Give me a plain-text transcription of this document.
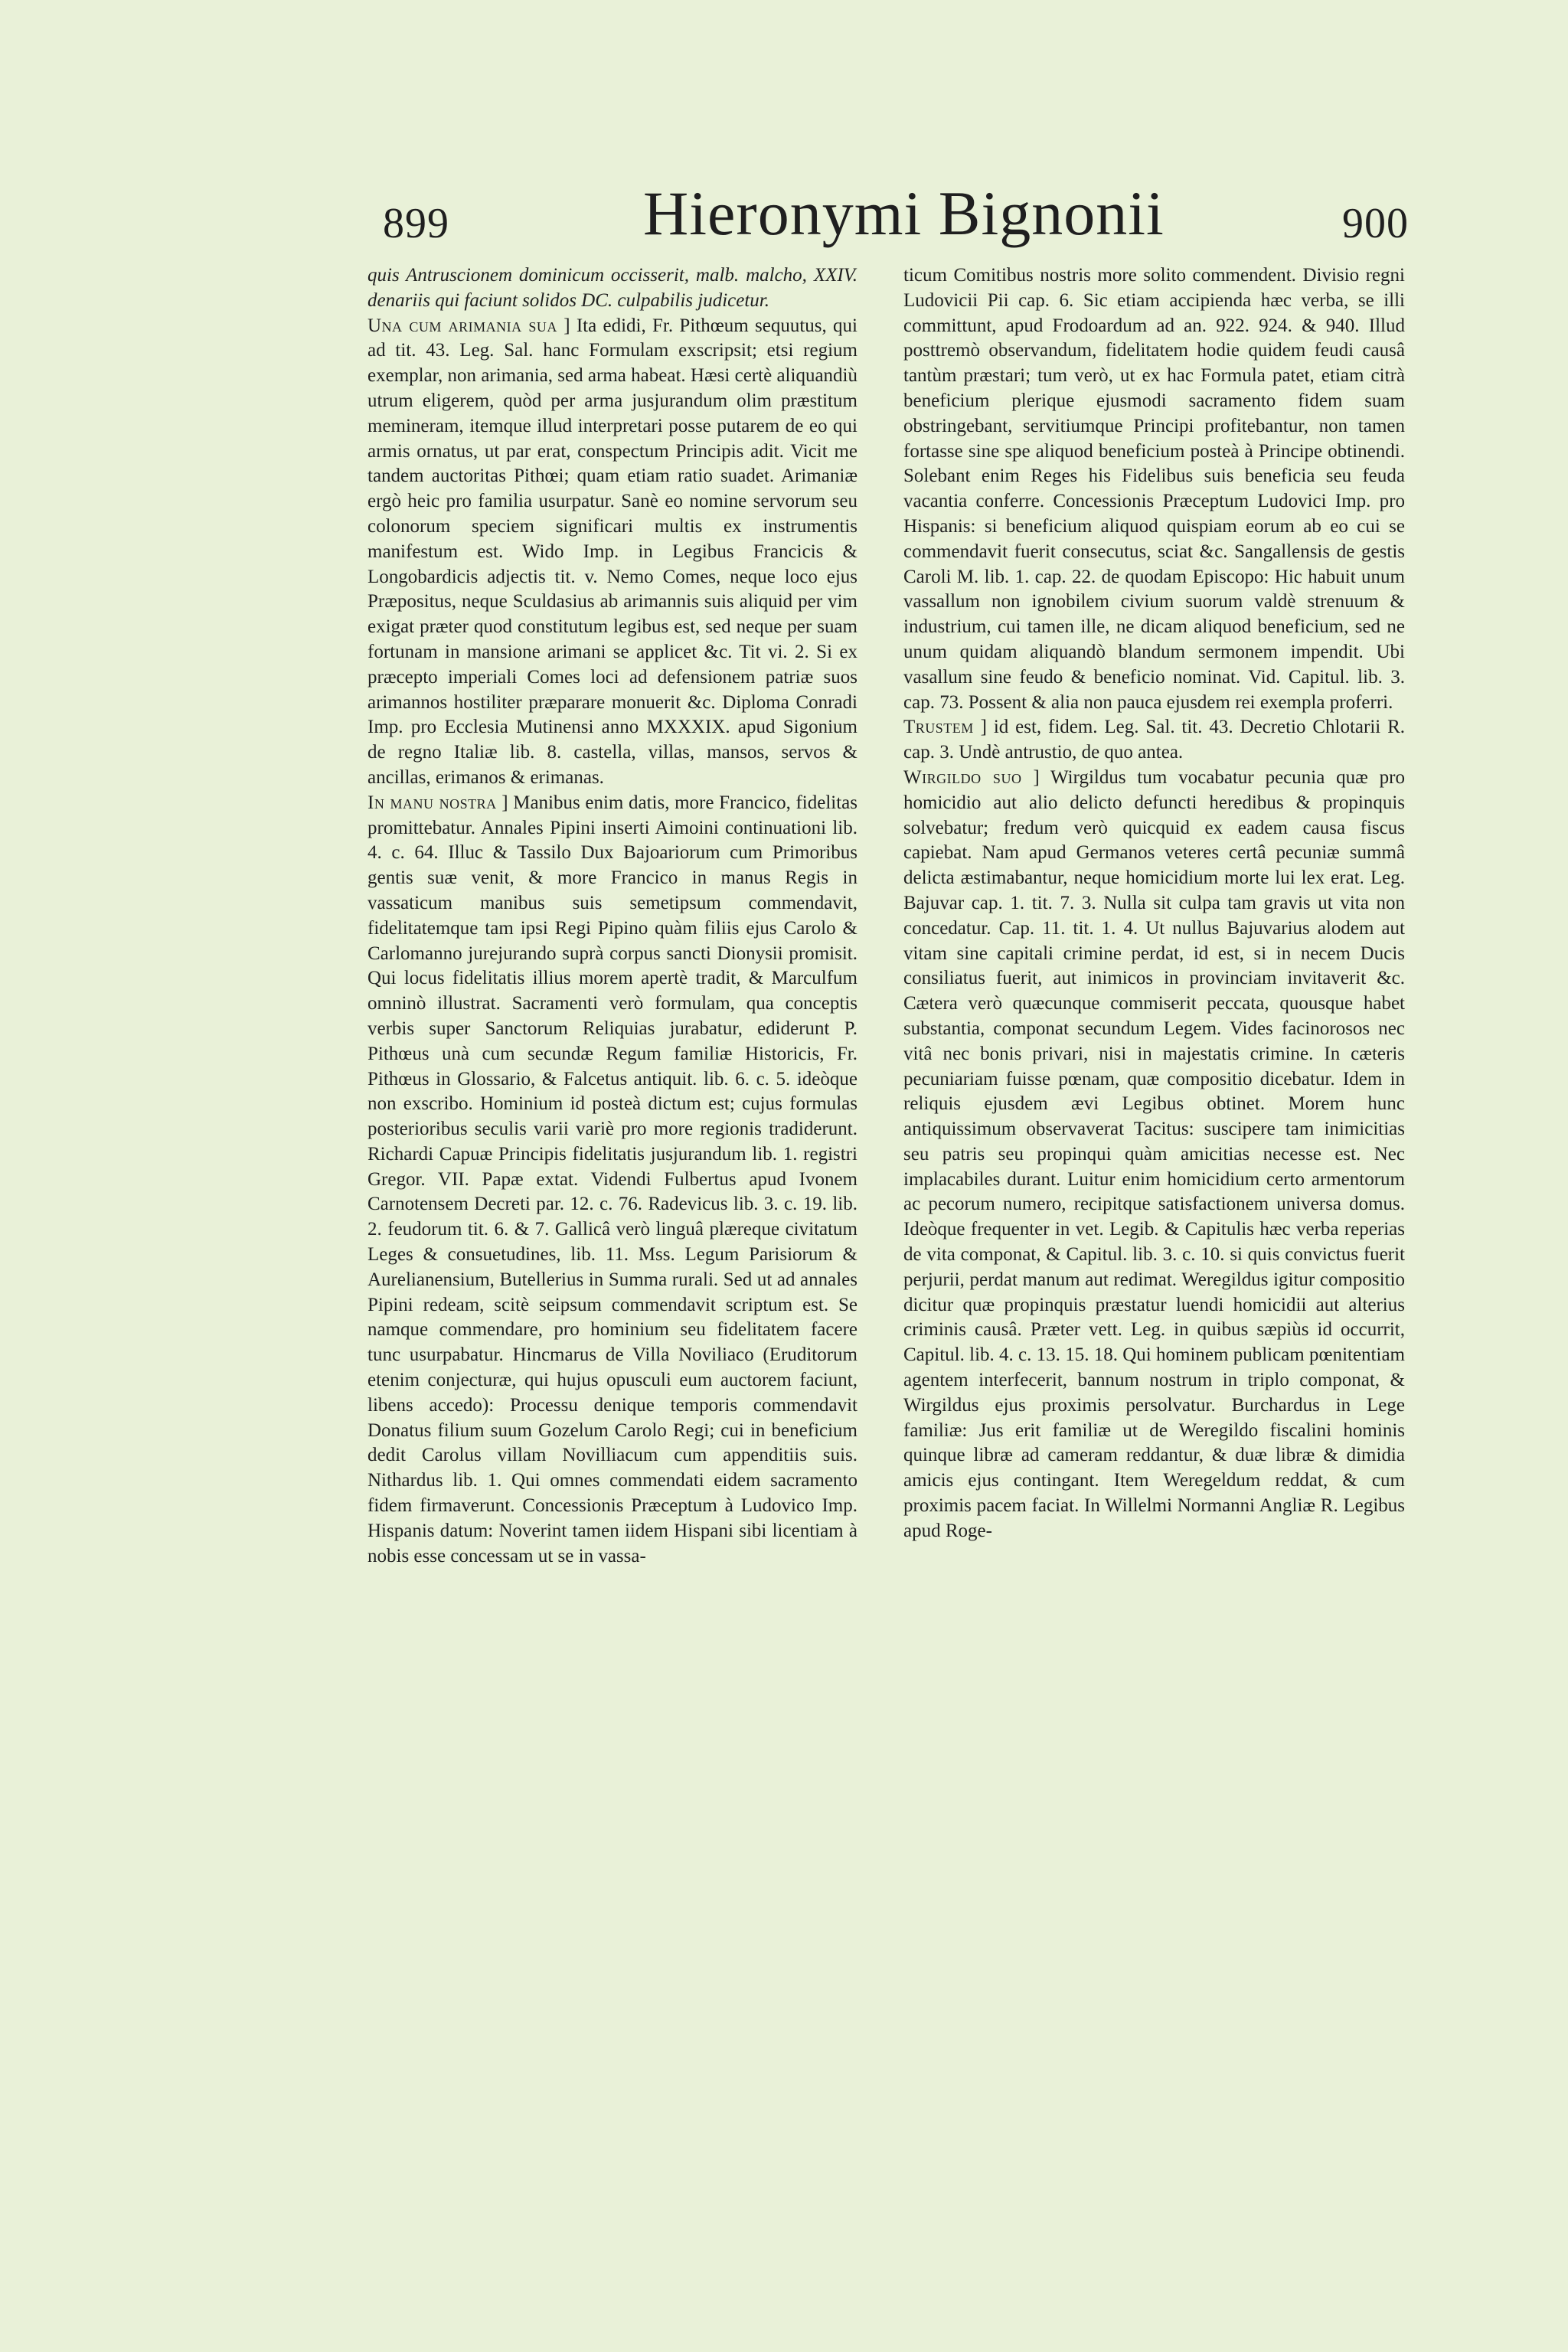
899	Hieronymi Bignonii	900

quis Antruscionem dominicum occisserit, malb. malcho, XXIV. denariis qui faciunt solidos DC. culpabilis judicetur.

Una cum arimania sua ] Ita edidi, Fr. Pithœum sequutus, qui ad tit. 43. Leg. Sal. hanc Formulam exscripsit; etsi regium exemplar, non arimania, sed arma habeat. Hæsi certè aliquandiù utrum eligerem, quòd per arma jusjurandum olim præstitum memineram, itemque illud interpretari posse putarem de eo qui armis ornatus, ut par erat, conspectum Principis adit. Vicit me tandem auctoritas Pithœi; quam etiam ratio suadet. Arimaniæ ergò heic pro familia usurpatur. Sanè eo nomine servorum seu colonorum speciem significari multis ex instrumentis manifestum est. Wido Imp. in Legibus Francicis & Longobardicis adjectis tit. v. Nemo Comes, neque loco ejus Præpositus, neque Sculdasius ab arimannis suis aliquid per vim exigat præter quod constitutum legibus est, sed neque per suam fortunam in mansione arimani se applicet &c. Tit vi. 2. Si ex præcepto imperiali Comes loci ad defensionem patriæ suos arimannos hostiliter præparare monuerit &c. Diploma Conradi Imp. pro Ecclesia Mutinensi anno MXXXIX. apud Sigonium de regno Italiæ lib. 8. castella, villas, mansos, servos & ancillas, erimanos & erimanas.

In manu nostra ] Manibus enim datis, more Francico, fidelitas promittebatur. Annales Pipini inserti Aimoini continuationi lib. 4. c. 64. Illuc & Tassilo Dux Bajoariorum cum Primoribus gentis suæ venit, & more Francico in manus Regis in vassaticum manibus suis semetipsum commendavit, fidelitatemque tam ipsi Regi Pipino quàm filiis ejus Carolo & Carlomanno jurejurando suprà corpus sancti Dionysii promisit. Qui locus fidelitatis illius morem apertè tradit, & Marculfum omninò illustrat. Sacramenti verò formulam, qua conceptis verbis super Sanctorum Reliquias jurabatur, ediderunt P. Pithœus unà cum secundæ Regum familiæ Historicis, Fr. Pithœus in Glossario, & Falcetus antiquit. lib. 6. c. 5. ideòque non exscribo. Hominium id posteà dictum est; cujus formulas posterioribus seculis varii variè pro more regionis tradiderunt. Richardi Capuæ Principis fidelitatis jusjurandum lib. 1. registri Gregor. VII. Papæ extat. Videndi Fulbertus apud Ivonem Carnotensem Decreti par. 12. c. 76. Radevicus lib. 3. c. 19. lib. 2. feudorum tit. 6. & 7. Gallicâ verò linguâ plæreque civitatum Leges & consuetudines, lib. 11. Mss. Legum Parisiorum & Aurelianensium, Butellerius in Summa rurali. Sed ut ad annales Pipini redeam, scitè seipsum commendavit scriptum est. Se namque commendare, pro hominium seu fidelitatem facere tunc usurpabatur. Hincmarus de Villa Noviliaco (Eruditorum etenim conjecturæ, qui hujus opusculi eum auctorem faciunt, libens accedo): Processu denique temporis commendavit Donatus filium suum Gozelum Carolo Regi; cui in beneficium dedit Carolus villam Novilliacum cum appenditiis suis. Nithardus lib. 1. Qui omnes commendati eidem sacramento fidem firmaverunt. Concessionis Præceptum à Ludovico Imp. Hispanis datum: Noverint tamen iidem Hispani sibi licentiam à nobis esse concessam ut se in vassa-

ticum Comitibus nostris more solito commendent. Divisio regni Ludovicii Pii cap. 6. Sic etiam accipienda hæc verba, se illi committunt, apud Frodoardum ad an. 922. 924. & 940. Illud posttremò observandum, fidelitatem hodie quidem feudi causâ tantùm præstari; tum verò, ut ex hac Formula patet, etiam citrà beneficium plerique ejusmodi sacramento fidem suam obstringebant, servitiumque Principi profitebantur, non tamen fortasse sine spe aliquod beneficium posteà à Principe obtinendi. Solebant enim Reges his Fidelibus suis beneficia seu feuda vacantia conferre. Concessionis Præceptum Ludovici Imp. pro Hispanis: si beneficium aliquod quispiam eorum ab eo cui se commendavit fuerit consecutus, sciat &c. Sangallensis de gestis Caroli M. lib. 1. cap. 22. de quodam Episcopo: Hic habuit unum vassallum non ignobilem civium suorum valdè strenuum & industrium, cui tamen ille, ne dicam aliquod beneficium, sed ne unum quidam aliquandò blandum sermonem impendit. Ubi vasallum sine feudo & beneficio nominat. Vid. Capitul. lib. 3. cap. 73. Possent & alia non pauca ejusdem rei exempla proferri.

Trustem ] id est, fidem. Leg. Sal. tit. 43. Decretio Chlotarii R. cap. 3. Undè antrustio, de quo antea.

Wirgildo suo ] Wirgildus tum vocabatur pecunia quæ pro homicidio aut alio delicto defuncti heredibus & propinquis solvebatur; fredum verò quicquid ex eadem causa fiscus capiebat. Nam apud Germanos veteres certâ pecuniæ summâ delicta æstimabantur, neque homicidium morte lui lex erat. Leg. Bajuvar cap. 1. tit. 7. 3. Nulla sit culpa tam gravis ut vita non concedatur. Cap. 11. tit. 1. 4. Ut nullus Bajuvarius alodem aut vitam sine capitali crimine perdat, id est, si in necem Ducis consiliatus fuerit, aut inimicos in provinciam invitaverit &c. Cætera verò quæcunque commiserit peccata, quousque habet substantia, componat secundum Legem. Vides facinorosos nec vitâ nec bonis privari, nisi in majestatis crimine. In cæteris pecuniariam fuisse pœnam, quæ compositio dicebatur. Idem in reliquis ejusdem ævi Legibus obtinet. Morem hunc antiquissimum observaverat Tacitus: suscipere tam inimicitias seu patris seu propinqui quàm amicitias necesse est. Nec implacabiles durant. Luitur enim homicidium certo armentorum ac pecorum numero, recipitque satisfactionem universa domus. Ideòque frequenter in vet. Legib. & Capitulis hæc verba reperias de vita componat, & Capitul. lib. 3. c. 10. si quis convictus fuerit perjurii, perdat manum aut redimat. Weregildus igitur compositio dicitur quæ propinquis præstatur luendi homicidii aut alterius criminis causâ. Præter vett. Leg. in quibus sæpiùs id occurrit, Capitul. lib. 4. c. 13. 15. 18. Qui hominem publicam pœnitentiam agentem interfecerit, bannum nostrum in triplo componat, & Wirgildus ejus proximis persolvatur. Burchardus in Lege familiæ: Jus erit familiæ ut de Weregildo fiscalini hominis quinque libræ ad cameram reddantur, & duæ libræ & dimidia amicis ejus contingant. Item Weregeldum reddat, & cum proximis pacem faciat. In Willelmi Normanni Angliæ R. Legibus apud Roge-
